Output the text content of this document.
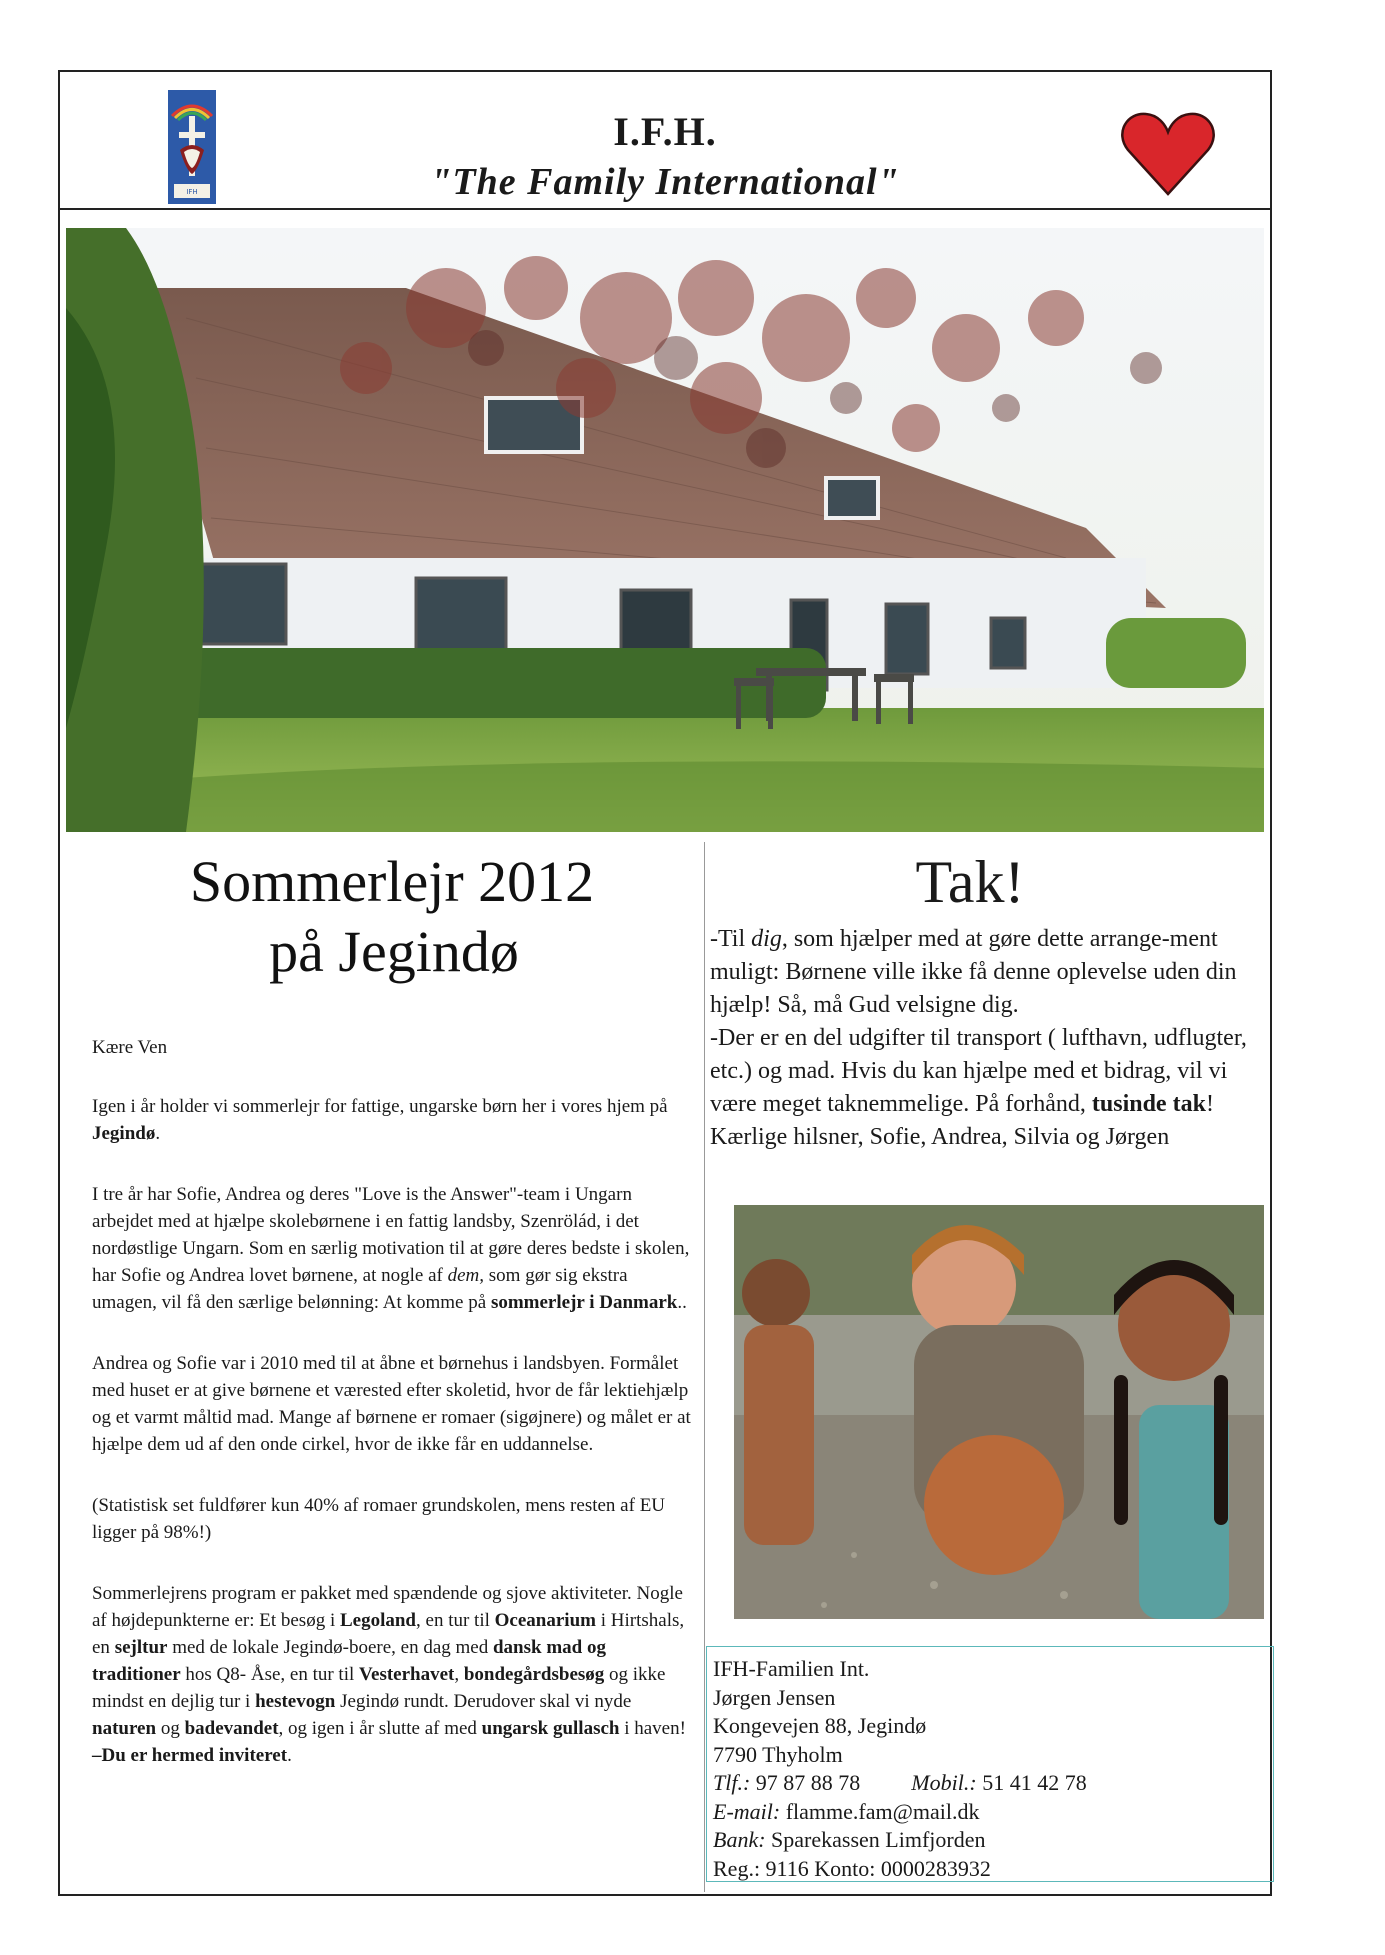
IFH
I.F.H.
"The Family International"
Sommerlejr 2012
på Jegindø
Kære Ven
Igen i år holder vi sommerlejr for fattige, ungarske børn her i vores hjem på Jegindø.
I tre år har Sofie, Andrea og deres "Love is the Answer"-team i Ungarn arbejdet med at hjælpe skolebørnene i en fattig landsby, Szenrölád, i det nordøstlige Ungarn. Som en særlig motivation til at gøre deres bedste i skolen, har Sofie og Andrea lovet børnene, at nogle af dem, som gør sig ekstra umagen, vil få den særlige belønning: At komme på sommerlejr i Danmark..
Andrea og Sofie var i 2010 med til at åbne et børnehus i landsbyen. Formålet med huset er at give børnene et værested efter skoletid, hvor de får lektiehjælp og et varmt måltid mad. Mange af børnene er romaer (sigøjnere) og målet er at hjælpe dem ud af den onde cirkel, hvor de ikke får en uddannelse.
(Statistisk set fuldfører kun 40% af romaer grundskolen, mens resten af EU ligger på 98%!)
Sommerlejrens program er pakket med spændende og sjove aktiviteter. Nogle af højdepunkterne er: Et besøg i Legoland, en tur til Oceanarium i Hirtshals, en sejltur med de lokale Jegindø-boere, en dag med dansk mad og traditioner hos Q8- Åse, en tur til Vesterhavet, bondegårdsbesøg og ikke mindst en dejlig tur i hestevogn Jegindø rundt. Derudover skal vi nyde naturen og badevandet, og igen i år slutte af med ungarsk gullasch i haven! –Du er hermed inviteret.
Tak!
-Til dig, som hjælper med at gøre dette arrange-ment muligt: Børnene ville ikke få denne oplevelse uden din hjælp! Så, må Gud velsigne dig.
-Der er en del udgifter til transport ( lufthavn, udflugter, etc.) og mad. Hvis du kan hjælpe med et bidrag, vil vi være meget taknemmelige. På forhånd, tusinde tak!
Kærlige hilsner, Sofie, Andrea, Silvia og Jørgen
IFH-Familien Int.
Jørgen Jensen
Kongevejen 88, Jegindø
7790 Thyholm
Tlf.: 97 87 88 78 Mobil.: 51 41 42 78
E-mail: flamme.fam@mail.dk
Bank: Sparekassen Limfjorden
Reg.: 9116 Konto: 0000283932
